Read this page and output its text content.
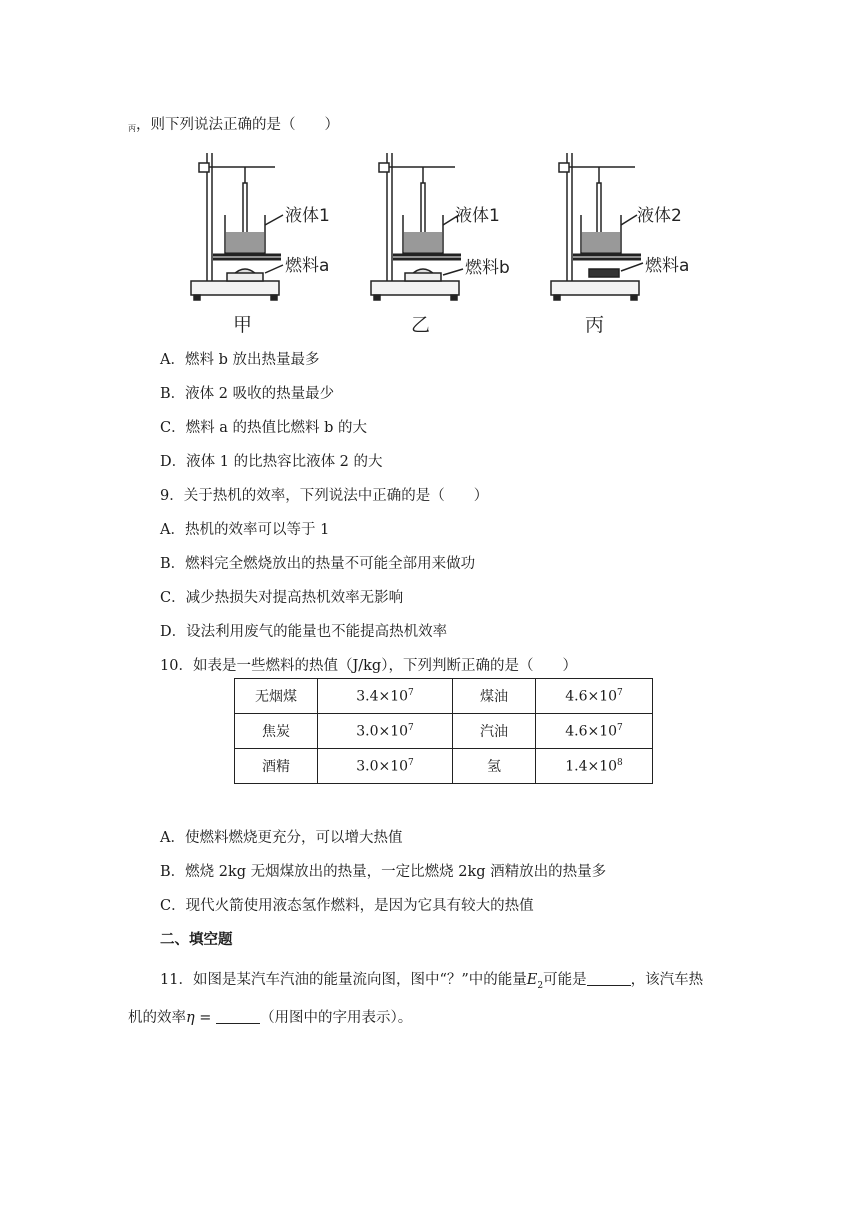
丙，则下列说法正确的是（　　）
液体1
燃料a
甲
液体1
燃料b
乙
液体2
燃料a
丙
A．燃料 b 放出热量最多
B．液体 2 吸收的热量最少
C．燃料 a 的热值比燃料 b 的大
D．液体 1 的比热容比液体 2 的大
9．关于热机的效率，下列说法中正确的是（　　）
A．热机的效率可以等于 1
B．燃料完全燃烧放出的热量不可能全部用来做功
C．减少热损失对提高热机效率无影响
D．设法利用废气的能量也不能提高热机效率
10．如表是一些燃料的热值（J/kg），下列判断正确的是（　　）
无烟煤	$3.4\times 10^7$	煤油	$4.6\times 10^7$
焦炭	$3.0\times 10^7$	汽油	$4.6\times 10^7$
酒精	$3.0\times 10^7$	氢	$1.4\times 10^8$
A．使燃料燃烧更充分，可以增大热值
B．燃烧 2kg 无烟煤放出的热量，一定比燃烧 2kg 酒精放出的热量多
C．现代火箭使用液态氢作燃料，是因为它具有较大的热值
二、填空题
11．如图是某汽车汽油的能量流向图，图中“？”中的能量$E_2$可能是	，该汽车热
机的效率η =	（用图中的字用表示）。
